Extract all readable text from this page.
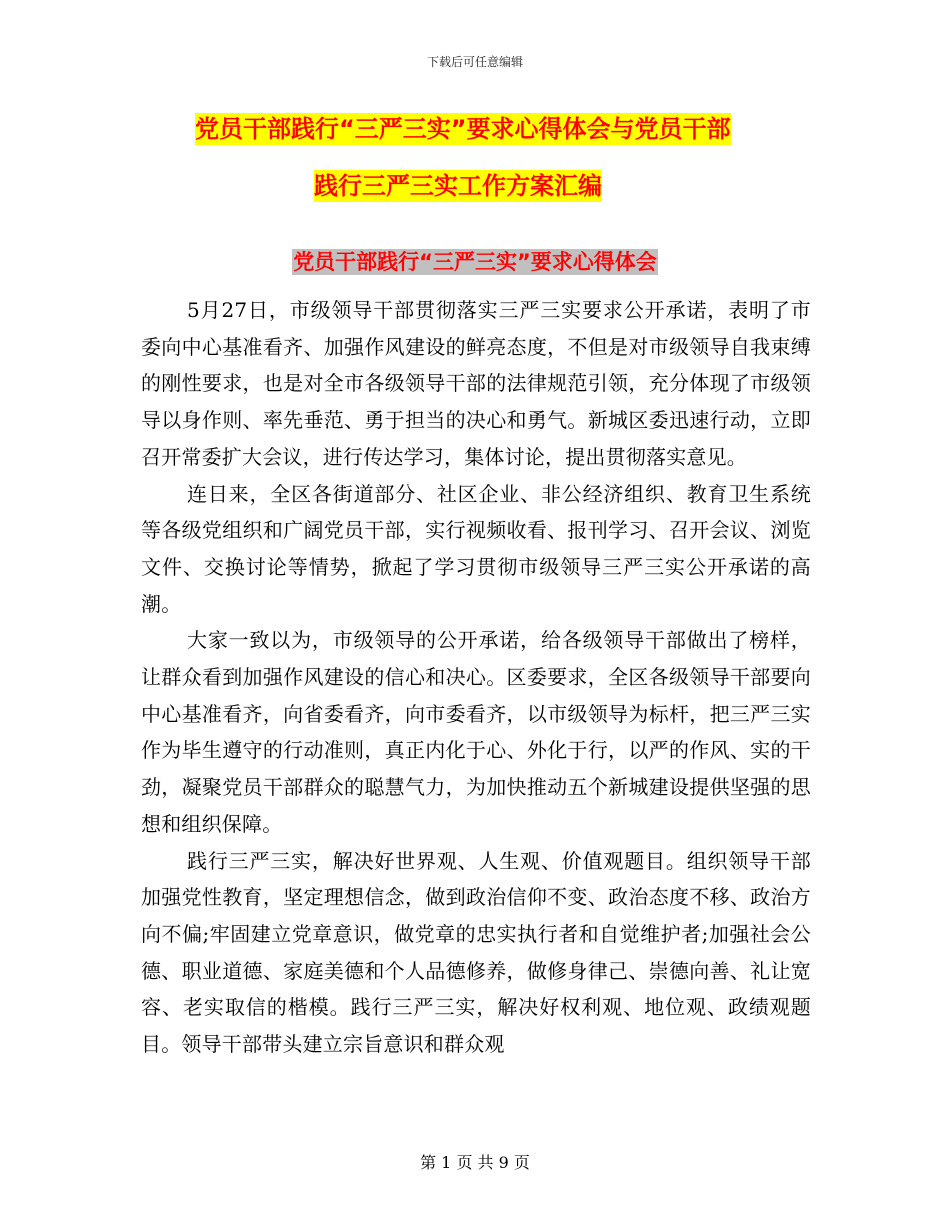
下载后可任意编辑
党员干部践行“三严三实”要求心得体会与党员干部
践行三严三实工作方案汇编
党员干部践行“三严三实”要求心得体会

5月27日，市级领导干部贯彻落实三严三实要求公开承诺，表明了市委向中心基准看齐、加强作风建设的鲜亮态度，不但是对市级领导自我束缚的刚性要求，也是对全市各级领导干部的法律规范引领，充分体现了市级领导以身作则、率先垂范、勇于担当的决心和勇气。新城区委迅速行动，立即召开常委扩大会议，进行传达学习，集体讨论，提出贯彻落实意见。

连日来，全区各街道部分、社区企业、非公经济组织、教育卫生系统等各级党组织和广阔党员干部，实行视频收看、报刊学习、召开会议、浏览文件、交换讨论等情势，掀起了学习贯彻市级领导三严三实公开承诺的高潮。

大家一致以为，市级领导的公开承诺，给各级领导干部做出了榜样，让群众看到加强作风建设的信心和决心。区委要求，全区各级领导干部要向中心基准看齐，向省委看齐，向市委看齐，以市级领导为标杆，把三严三实作为毕生遵守的行动准则，真正内化于心、外化于行，以严的作风、实的干劲，凝聚党员干部群众的聪慧气力，为加快推动五个新城建设提供坚强的思想和组织保障。

践行三严三实，解决好世界观、人生观、价值观题目。组织领导干部加强党性教育，坚定理想信念，做到政治信仰不变、政治态度不移、政治方向不偏;牢固建立党章意识，做党章的忠实执行者和自觉维护者;加强社会公德、职业道德、家庭美德和个人品德修养，做修身律己、崇德向善、礼让宽容、老实取信的楷模。践行三严三实，解决好权利观、地位观、政绩观题目。领导干部带头建立宗旨意识和群众观

第 1 页 共 9 页
